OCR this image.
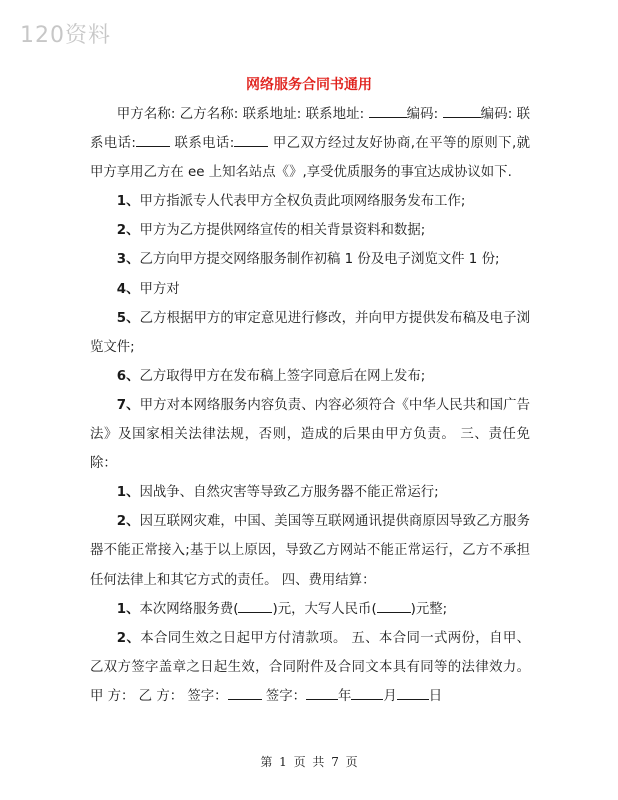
120资料
网络服务合同书通用

甲方名称: 乙方名称: 联系地址: 联系地址:	编码:	编码: 联系电话:	联系电话:	甲乙双方经过友好协商,在平等的原则下,就甲方享用乙方在 ee 上知名站点《》,享受优质服务的事宜达成协议如下.

1、甲方指派专人代表甲方全权负责此项网络服务发布工作;

2、甲方为乙方提供网络宣传的相关背景资料和数据;

3、乙方向甲方提交网络服务制作初稿 1 份及电子浏览文件 1 份;

4、甲方对

5、乙方根据甲方的审定意见进行修改，并向甲方提供发布稿及电子浏览文件;

6、乙方取得甲方在发布稿上签字同意后在网上发布;

7、甲方对本网络服务内容负责、内容必须符合《中华人民共和国广告法》及国家相关法律法规，否则，造成的后果由甲方负责。 三、责任免除：

1、因战争、自然灾害等导致乙方服务器不能正常运行;

2、因互联网灾难，中国、美国等互联网通讯提供商原因导致乙方服务器不能正常接入;基于以上原因，导致乙方网站不能正常运行，乙方不承担任何法律上和其它方式的责任。 四、费用结算：

1、本次网络服务费(	)元，大写人民币(	)元整;

2、本合同生效之日起甲方付清款项。 五、本合同一式两份，自甲、乙双方签字盖章之日起生效，合同附件及合同文本具有同等的法律效力。 甲 方： 乙 方： 签字：	签字： 年 月 日

第 1 页 共 7 页
